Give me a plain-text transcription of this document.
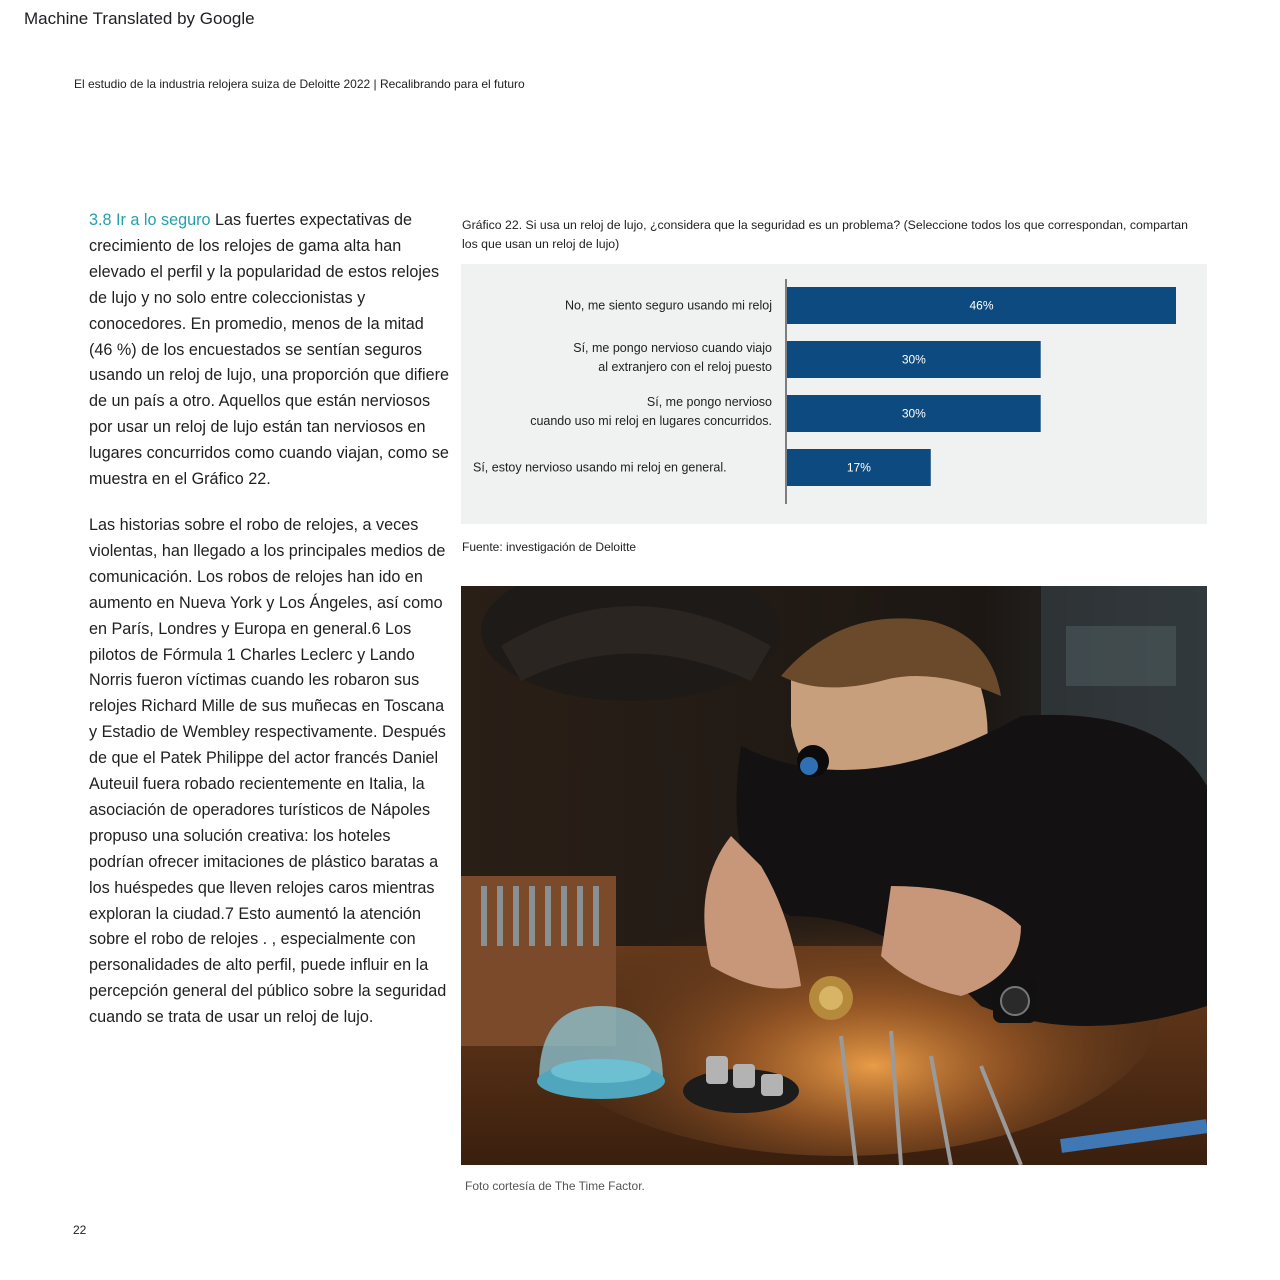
Machine Translated by Google
El estudio de la industria relojera suiza de Deloitte 2022 | Recalibrando para el futuro

3.8 Ir a lo seguro Las fuertes expectativas de crecimiento de los relojes de gama alta han elevado el perfil y la popularidad de estos relojes de lujo y no solo entre coleccionistas y conocedores. En promedio, menos de la mitad (46 %) de los encuestados se sentían seguros usando un reloj de lujo, una proporción que difiere de un país a otro. Aquellos que están nerviosos por usar un reloj de lujo están tan nerviosos en lugares concurridos como cuando viajan, como se muestra en el Gráfico 22.

Las historias sobre el robo de relojes, a veces violentas, han llegado a los principales medios de comunicación. Los robos de relojes han ido en aumento en Nueva York y Los Ángeles, así como en París, Londres y Europa en general.6 Los pilotos de Fórmula 1 Charles Leclerc y Lando Norris fueron víctimas cuando les robaron sus relojes Richard Mille de sus muñecas en Toscana y Estadio de Wembley respectivamente. Después de que el Patek Philippe del actor francés Daniel Auteuil fuera robado recientemente en Italia, la asociación de operadores turísticos de Nápoles propuso una solución creativa: los hoteles podrían ofrecer imitaciones de plástico baratas a los huéspedes que lleven relojes caros mientras exploran la ciudad.7 Esto aumentó la atención sobre el robo de relojes . , especialmente con personalidades de alto perfil, puede influir en la percepción general del público sobre la seguridad cuando se trata de usar un reloj de lujo.

Gráfico 22. Si usa un reloj de lujo, ¿considera que la seguridad es un problema? (Seleccione todos los que correspondan, compartan los que usan un reloj de lujo)
46%
No, me siento seguro usando mi reloj
30%
Sí, me pongo nervioso cuando viajo
al extranjero con el reloj puesto
30%
Sí, me pongo nervioso
cuando uso mi reloj en lugares concurridos.
17%
Sí, estoy nervioso usando mi reloj en general.
Fuente: investigación de Deloitte
Foto cortesía de The Time Factor.
22
